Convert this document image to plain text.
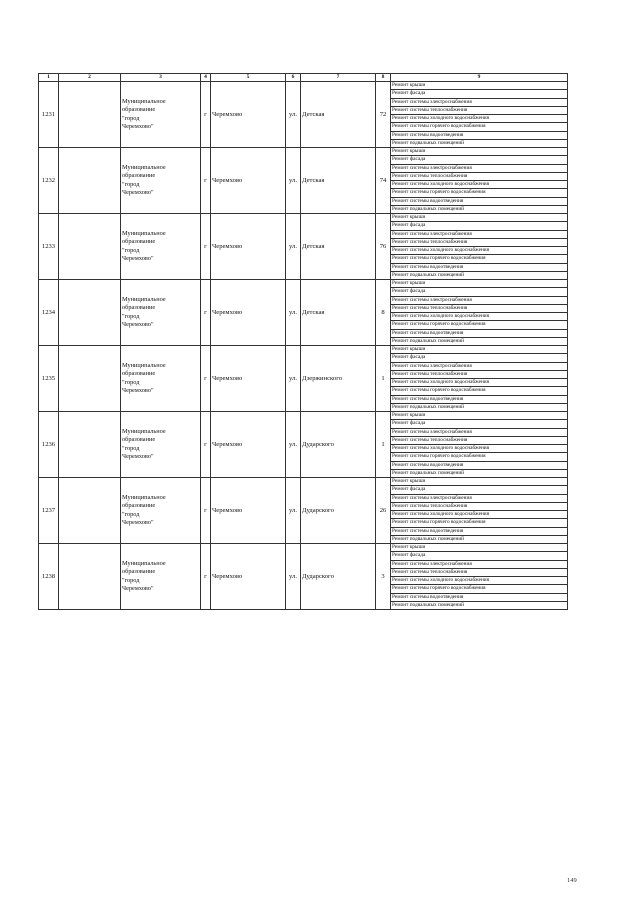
1	2	3	4	5	6	7	8	9
1231		Муниципальное
образование
"город
Черемхово"	г	Черемхово	ул.	Детская	72	Ремонт крыши
								Ремонт фасада
								Ремонт системы электроснабжения
								Ремонт системы теплоснабжения
								Ремонт системы холодного водоснабжения
								Ремонт системы горячего водоснабжения
								Ремонт системы водоотведения
								Ремонт подвальных помещений
1232		Муниципальное
образование
"город
Черемхово"	г	Черемхово	ул.	Детская	74	Ремонт крыши
								Ремонт фасада
								Ремонт системы электроснабжения
								Ремонт системы теплоснабжения
								Ремонт системы холодного водоснабжения
								Ремонт системы горячего водоснабжения
								Ремонт системы водоотведения
								Ремонт подвальных помещений
1233		Муниципальное
образование
"город
Черемхово"	г	Черемхово	ул.	Детская	76	Ремонт крыши
								Ремонт фасада
								Ремонт системы электроснабжения
								Ремонт системы теплоснабжения
								Ремонт системы холодного водоснабжения
								Ремонт системы горячего водоснабжения
								Ремонт системы водоотведения
								Ремонт подвальных помещений
1234		Муниципальное
образование
"город
Черемхово"	г	Черемхово	ул.	Детская	8	Ремонт крыши
								Ремонт фасада
								Ремонт системы электроснабжения
								Ремонт системы теплоснабжения
								Ремонт системы холодного водоснабжения
								Ремонт системы горячего водоснабжения
								Ремонт системы водоотведения
								Ремонт подвальных помещений
1235		Муниципальное
образование
"город
Черемхово"	г	Черемхово	ул.	Дзержинского	1	Ремонт крыши
								Ремонт фасада
								Ремонт системы электроснабжения
								Ремонт системы теплоснабжения
								Ремонт системы холодного водоснабжения
								Ремонт системы горячего водоснабжения
								Ремонт системы водоотведения
								Ремонт подвальных помещений
1236		Муниципальное
образование
"город
Черемхово"	г	Черемхово	ул.	Дударского	1	Ремонт крыши
								Ремонт фасада
								Ремонт системы электроснабжения
								Ремонт системы теплоснабжения
								Ремонт системы холодного водоснабжения
								Ремонт системы горячего водоснабжения
								Ремонт системы водоотведения
								Ремонт подвальных помещений
1237		Муниципальное
образование
"город
Черемхово"	г	Черемхово	ул.	Дударского	26	Ремонт крыши
								Ремонт фасада
								Ремонт системы электроснабжения
								Ремонт системы теплоснабжения
								Ремонт системы холодного водоснабжения
								Ремонт системы горячего водоснабжения
								Ремонт системы водоотведения
								Ремонт подвальных помещений
1238		Муниципальное
образование
"город
Черемхово"	г	Черемхово	ул.	Дударского	3	Ремонт крыши
								Ремонт фасада
								Ремонт системы электроснабжения
								Ремонт системы теплоснабжения
								Ремонт системы холодного водоснабжения
								Ремонт системы горячего водоснабжения
								Ремонт системы водоотведения
								Ремонт подвальных помещений
149
